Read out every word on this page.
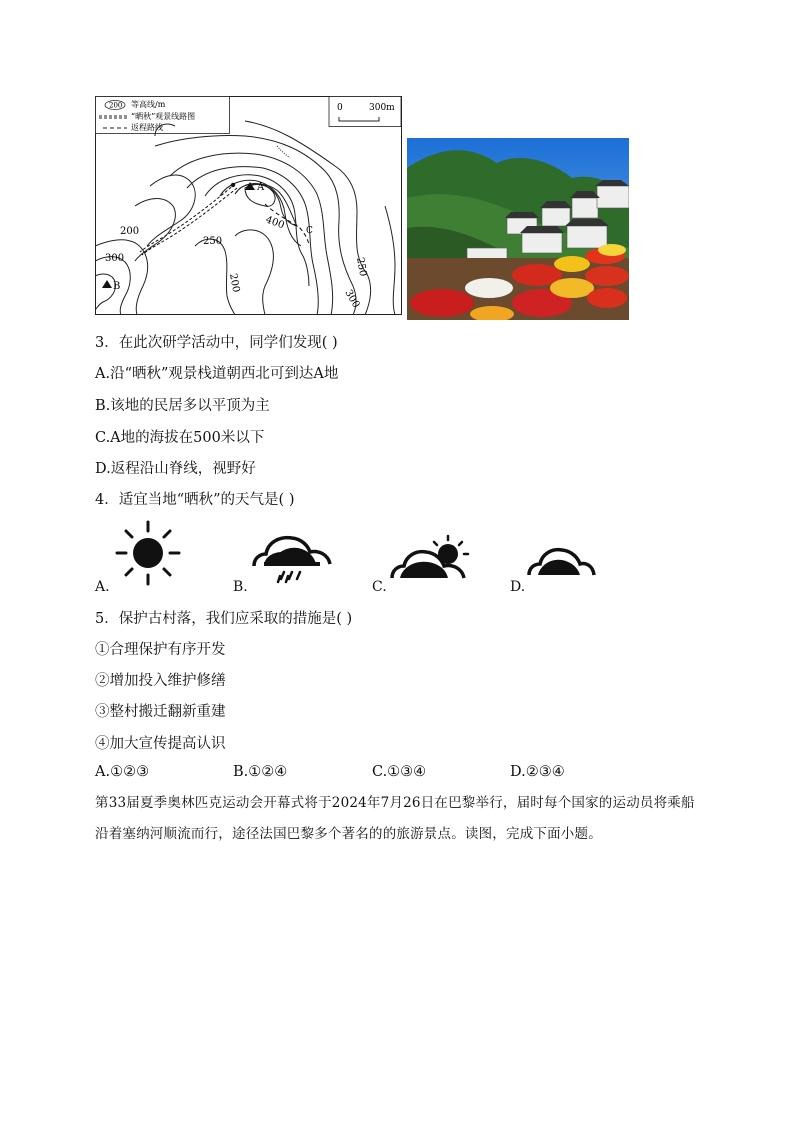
200 等高线/m
“晒秋”观景线路图
返程路线
0	300m
A
B
C
200
200
250
250
300
300
400
3．在此次研学活动中，同学们发现( )
A.沿“晒秋”观景栈道朝西北可到达A地
B.该地的民居多以平顶为主
C.A地的海拔在500米以下
D.返程沿山脊线，视野好
4．适宜当地“晒秋”的天气是( )
A.	B.	C.	D.
5．保护古村落，我们应采取的措施是( )
①合理保护有序开发
②增加投入维护修缮
③整村搬迁翻新重建
④加大宣传提高认识
A.①②③	B.①②④	C.①③④	D.②③④
第33届夏季奥林匹克运动会开幕式将于2024年7月26日在巴黎举行，届时每个国家的运动员将乘船沿着塞纳河顺流而行，途径法国巴黎多个著名的的旅游景点。读图，完成下面小题。
